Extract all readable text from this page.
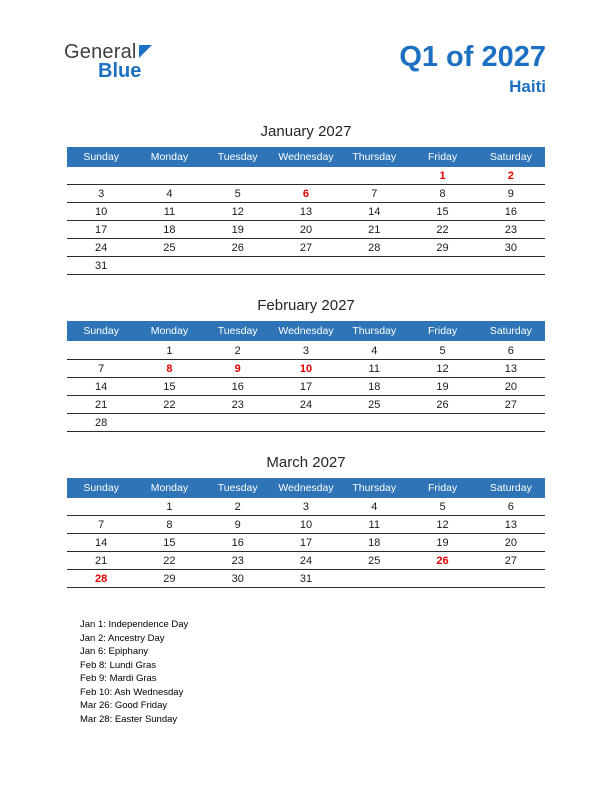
General
Blue	Q1 of 2027
Haiti
January 2027
Sunday	Monday	Tuesday	Wednesday	Thursday	Friday	Saturday
					1	2
3	4	5	6	7	8	9
10	11	12	13	14	15	16
17	18	19	20	21	22	23
24	25	26	27	28	29	30
31						
February 2027
Sunday	Monday	Tuesday	Wednesday	Thursday	Friday	Saturday
	1	2	3	4	5	6
7	8	9	10	11	12	13
14	15	16	17	18	19	20
21	22	23	24	25	26	27
28						
March 2027
Sunday	Monday	Tuesday	Wednesday	Thursday	Friday	Saturday
	1	2	3	4	5	6
7	8	9	10	11	12	13
14	15	16	17	18	19	20
21	22	23	24	25	26	27
28	29	30	31			
Jan 1: Independence Day
Jan 2: Ancestry Day
Jan 6: Epiphany
Feb 8: Lundi Gras
Feb 9: Mardi Gras
Feb 10: Ash Wednesday
Mar 26: Good Friday
Mar 28: Easter Sunday
